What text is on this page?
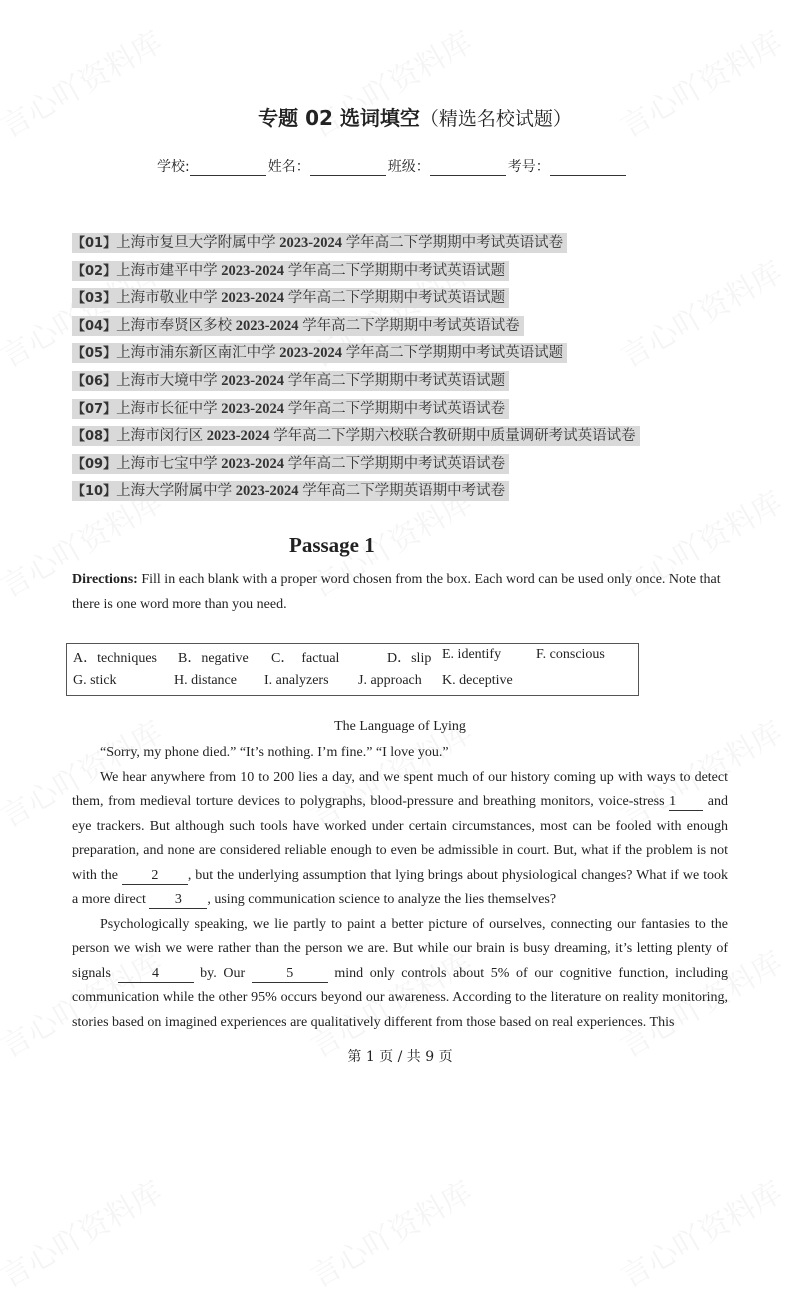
专题 02 选词填空（精选名校试题）
学校:	姓名：	班级：	考号：
【01】上海市复旦大学附属中学 2023-2024 学年高二下学期期中考试英语试卷
【02】上海市建平中学 2023-2024 学年高二下学期期中考试英语试题
【03】上海市敬业中学 2023-2024 学年高二下学期期中考试英语试题
【04】上海市奉贤区多校 2023-2024 学年高二下学期期中考试英语试卷
【05】上海市浦东新区南汇中学 2023-2024 学年高二下学期期中考试英语试题
【06】上海市大境中学 2023-2024 学年高二下学期期中考试英语试题
【07】上海市长征中学 2023-2024 学年高二下学期期中考试英语试卷
【08】上海市闵行区 2023-2024 学年高二下学期六校联合教研期中质量调研考试英语试卷
【09】上海市七宝中学 2023-2024 学年高二下学期期中考试英语试卷
【10】上海大学附属中学 2023-2024 学年高二下学期英语期中考试卷
Passage 1
Directions: Fill in each blank with a proper word chosen from the box. Each word can be used only once. Note that there is one word more than you need.
A．techniques B．negative C．　factual	D．slip E. identify F. conscious
G. stick	H. distance I. analyzers J. approach K. deceptive
The Language of Lying

“Sorry, my phone died.” “It’s nothing. I’m fine.” “I love you.”

We hear anywhere from 10 to 200 lies a day, and we spent much of our history coming up with ways to detect them, from medieval torture devices to polygraphs, blood-pressure and breathing monitors, voice-stress 1 and eye trackers. But although such tools have worked under certain circumstances, most can be fooled with enough preparation, and none are considered reliable enough to even be admissible in court. But, what if the problem is not with the 2 , but the underlying assumption that lying brings about physiological changes? What if we took a more direct 3 , using communication science to analyze the lies themselves?

Psychologically speaking, we lie partly to paint a better picture of ourselves, connecting our fantasies to the person we wish we were rather than the person we are. But while our brain is busy dreaming, it’s letting plenty of signals 4 by. Our 5 mind only controls about 5% of our cognitive function, including communication while the other 95% occurs beyond our awareness. According to the literature on reality monitoring, stories based on imagined experiences are qualitatively different from those based on real experiences. This

第 1 页 / 共 9 页
